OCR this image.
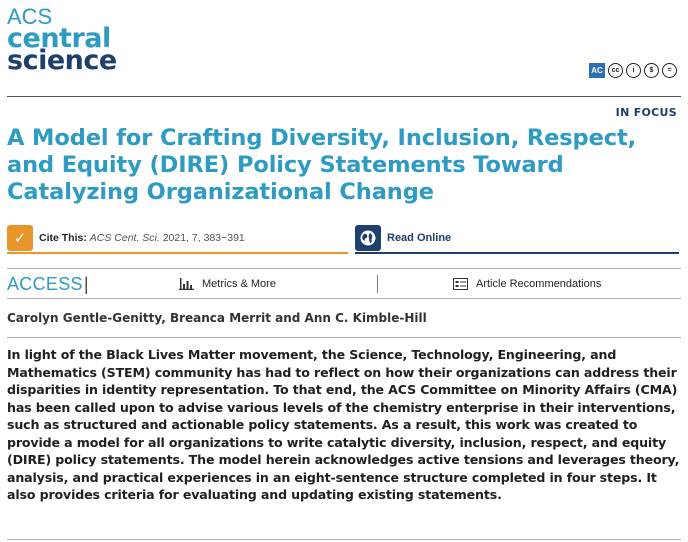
ACS
central
science	AC	cc	i	$	=
IN FOCUS
A Model for Crafting Diversity, Inclusion, Respect, and Equity (DIRE) Policy Statements Toward Catalyzing Organizational Change
✓	Cite This: ACS Cent. Sci. 2021, 7, 383−391	Read Online
ACCESS|	Metrics & More	Article Recommendations
Carolyn Gentle-Genitty, Breanca Merrit and Ann C. Kimble-Hill

In light of the Black Lives Matter movement, the Science, Technology, Engineering, and Mathematics (STEM) community has had to reflect on how their organizations can address their disparities in identity representation. To that end, the ACS Committee on Minority Affairs (CMA) has been called upon to advise various levels of the chemistry enterprise in their interventions, such as structured and actionable policy statements. As a result, this work was created to provide a model for all organizations to write catalytic diversity, inclusion, respect, and equity (DIRE) policy statements. The model herein acknowledges active tensions and leverages theory, analysis, and practical experiences in an eight-sentence structure completed in four steps. It also provides criteria for evaluating and updating existing statements.
